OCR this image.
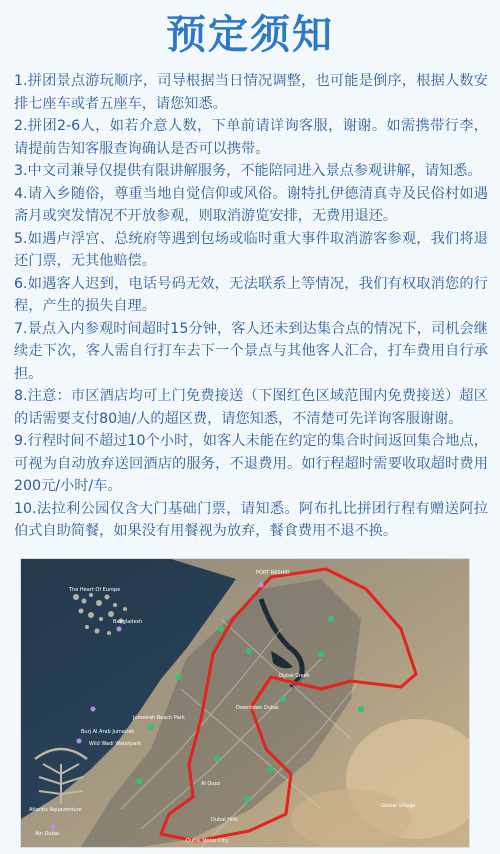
预定须知
1.拼团景点游玩顺序，司导根据当日情况调整，也可能是倒序，根据人数安排七座车或者五座车，请您知悉。
2.拼团2-6人，如若介意人数，下单前请详询客服，谢谢。如需携带行李，请提前告知客服查询确认是否可以携带。
3.中文司兼导仅提供有限讲解服务，不能陪同进入景点参观讲解，请知悉。
4.请入乡随俗，尊重当地自觉信仰或风俗。谢特扎伊德清真寺及民俗村如遇斋月或突发情况不开放参观，则取消游览安排，无费用退还。
5.如遇卢浮宫、总统府等遇到包场或临时重大事件取消游客参观，我们将退还门票，无其他赔偿。
6.如遇客人迟到，电话号码无效，无法联系上等情况，我们有权取消您的行程，产生的损失自理。
7.景点入内参观时间超时15分钟，客人还未到达集合点的情况下，司机会继续走下次，客人需自行打车去下一个景点与其他客人汇合，打车费用自行承担。
8.注意：市区酒店均可上门免费接送（下图红色区域范围内免费接送）超区的话需要支付80迪/人的超区费，请您知悉，不清楚可先详询客服谢谢。
9.行程时间不超过10个小时，如客人未能在约定的集合时间返回集合地点，可视为自动放弃送回酒店的服务，不退费用。如行程超时需要收取超时费用200元/小时/车。
10.法拉利公园仅含大门基础门票，请知悉。阿布扎比拼团行程有赠送阿拉伯式自助简餐，如果没有用餐视为放弃，餐食费用不退不换。
PORT RASHID
The Heart Of Europe
Bangladesh
Jumeirah Beach Park
Burj Al Arab Jumeirah
Wild Wadi Waterpark
Atlantis Aquaventure
Dubai Creek
Downtown Dubai
Al Quoz
Dubai Hills
Ain Dubai
Dubai Motor City
Global Village
